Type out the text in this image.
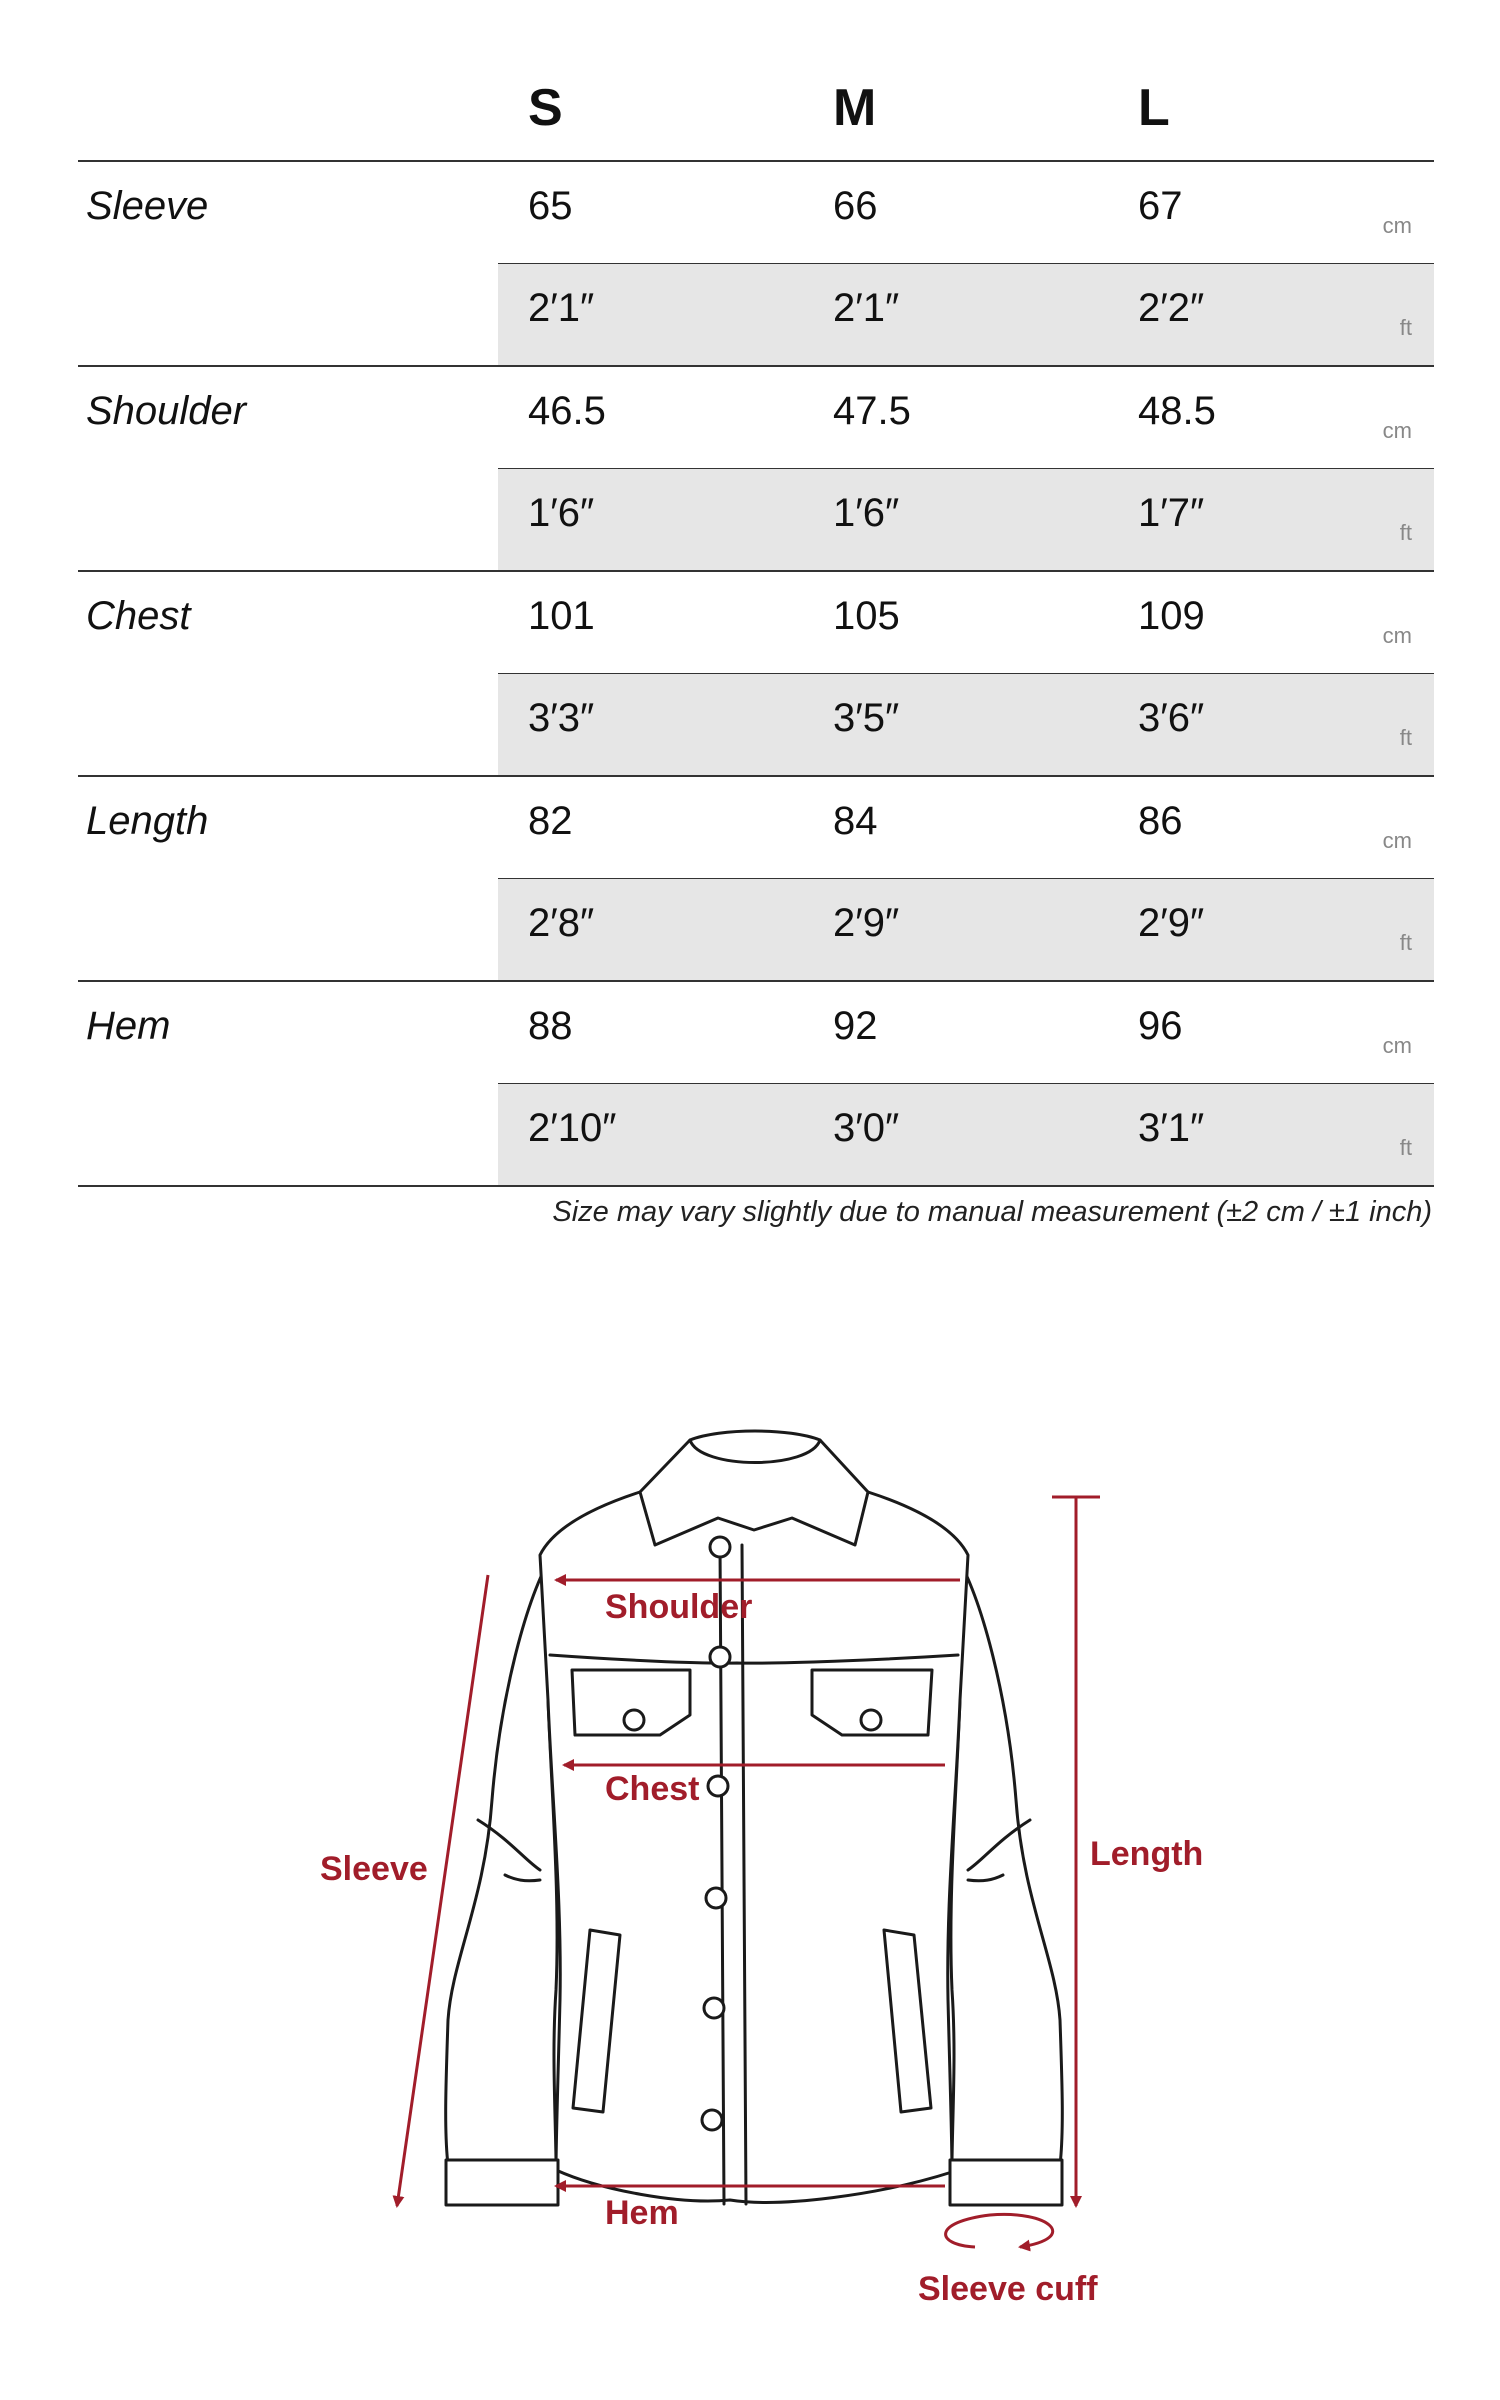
S	M	L
Sleeve	65	66	67	cm
2′1″	2′1″	2′2″	ft
Shoulder	46.5	47.5	48.5	cm
1′6″	1′6″	1′7″	ft
Chest	101	105	109	cm
3′3″	3′5″	3′6″	ft
Length	82	84	86	cm
2′8″	2′9″	2′9″	ft
Hem	88	92	96	cm
2′10″	3′0″	3′1″	ft
Size may vary slightly due to manual measurement (±2 cm / ±1 inch)
Shoulder
Chest
Sleeve	Length
Hem
Sleeve cuff
